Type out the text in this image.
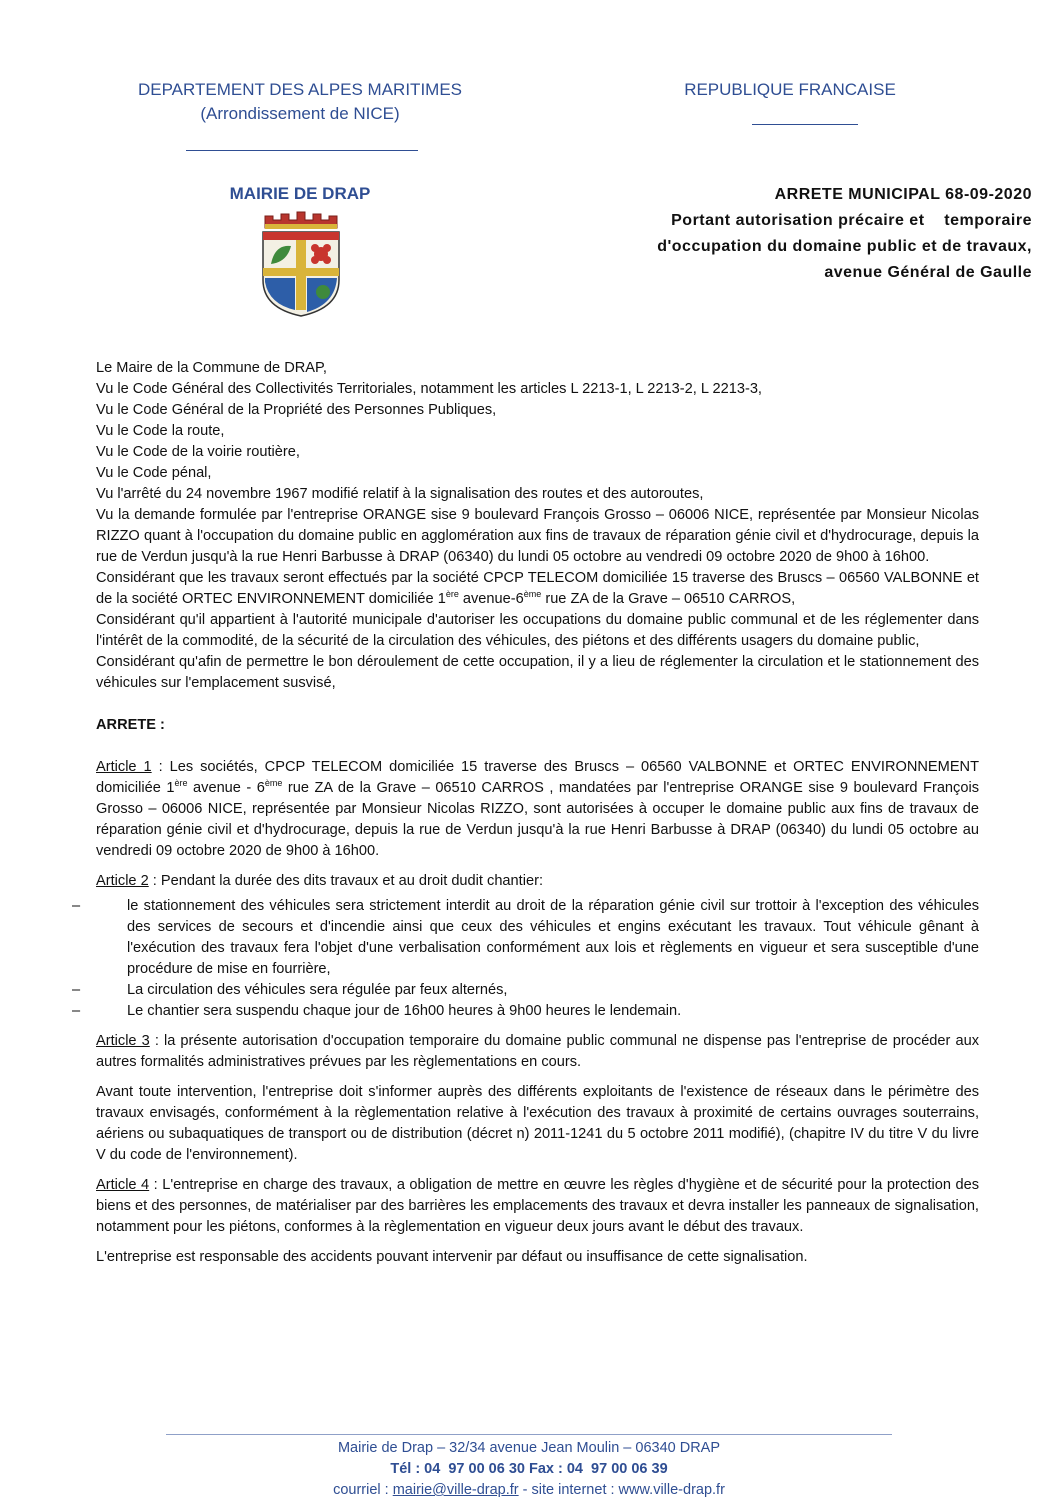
DEPARTEMENT DES ALPES MARITIMES
(Arrondissement de NICE)
MAIRIE DE DRAP
REPUBLIQUE FRANCAISE
ARRETE MUNICIPAL 68-09-2020
Portant autorisation précaire et    temporaire
d'occupation du domaine public et de travaux,
avenue Général de Gaulle

Le Maire de la Commune de DRAP,

Vu le Code Général des Collectivités Territoriales, notamment les articles L 2213-1, L 2213-2, L 2213-3,

Vu le Code Général de la Propriété des Personnes Publiques,

Vu le Code la route,

Vu le Code de la voirie routière,

Vu le Code pénal,

Vu l'arrêté du 24 novembre 1967 modifié relatif à la signalisation des routes et des autoroutes,

Vu la demande formulée par l'entreprise ORANGE sise 9 boulevard François Grosso – 06006 NICE, représentée par Monsieur Nicolas RIZZO quant à l'occupation du domaine public en agglomération aux fins de travaux de réparation génie civil et d'hydrocurage, depuis la rue de Verdun jusqu'à la rue Henri Barbusse à DRAP (06340) du lundi 05 octobre au vendredi 09 octobre 2020 de 9h00 à 16h00.

Considérant que les travaux seront effectués par la société CPCP TELECOM domiciliée 15 traverse des Bruscs – 06560 VALBONNE et de la société ORTEC ENVIRONNEMENT domiciliée 1ère avenue-6ème rue ZA de la Grave – 06510 CARROS,

Considérant qu'il appartient à l'autorité municipale d'autoriser les occupations du domaine public communal et de les réglementer dans l'intérêt de la commodité, de la sécurité de la circulation des véhicules, des piétons et des différents usagers du domaine public,

Considérant qu'afin de permettre le bon déroulement de cette occupation, il y a lieu de réglementer la circulation et le stationnement des véhicules sur l'emplacement susvisé,

ARRETE :

Article 1 : Les sociétés, CPCP TELECOM domiciliée 15 traverse des Bruscs – 06560 VALBONNE et ORTEC ENVIRONNEMENT domiciliée 1ère avenue - 6ème rue ZA de la Grave – 06510 CARROS , mandatées par l'entreprise ORANGE sise 9 boulevard François Grosso – 06006 NICE, représentée par Monsieur Nicolas RIZZO, sont autorisées à occuper le domaine public aux fins de travaux de réparation génie civil et d'hydrocurage, depuis la rue de Verdun jusqu'à la rue Henri Barbusse à DRAP (06340) du lundi 05 octobre au vendredi 09 octobre 2020 de 9h00 à 16h00.

Article 2 : Pendant la durée des dits travaux et au droit dudit chantier:

–	le stationnement des véhicules sera strictement interdit au droit de la réparation génie civil sur trottoir à l'exception des véhicules des services de secours et d'incendie ainsi que ceux des véhicules et engins exécutant les travaux. Tout véhicule gênant à l'exécution des travaux fera l'objet d'une verbalisation conformément aux lois et règlements en vigueur et sera susceptible d'une procédure de mise en fourrière,
–	La circulation des véhicules sera régulée par feux alternés,
–	Le chantier sera suspendu chaque jour de 16h00 heures à 9h00 heures le lendemain.

Article 3 : la présente autorisation d'occupation temporaire du domaine public communal ne dispense pas l'entreprise de procéder aux autres formalités administratives prévues par les règlementations en cours.

Avant toute intervention, l'entreprise doit s'informer auprès des différents exploitants de l'existence de réseaux dans le périmètre des travaux envisagés, conformément à la règlementation relative à l'exécution des travaux à proximité de certains ouvrages souterrains, aériens ou subaquatiques de transport ou de distribution (décret n) 2011-1241 du 5 octobre 2011 modifié), (chapitre IV du titre V du livre V du code de l'environnement).

Article 4 : L'entreprise en charge des travaux, a obligation de mettre en œuvre les règles d'hygiène et de sécurité pour la protection des biens et des personnes, de matérialiser par des barrières les emplacements des travaux et devra installer les panneaux de signalisation, notamment pour les piétons, conformes à la règlementation en vigueur deux jours avant le début des travaux.

L'entreprise est responsable des accidents pouvant intervenir par défaut ou insuffisance de cette signalisation.

Mairie de Drap – 32/34 avenue Jean Moulin – 06340 DRAP
Tél : 04  97 00 06 30 Fax : 04  97 00 06 39
courriel : mairie@ville-drap.fr - site internet : www.ville-drap.fr
